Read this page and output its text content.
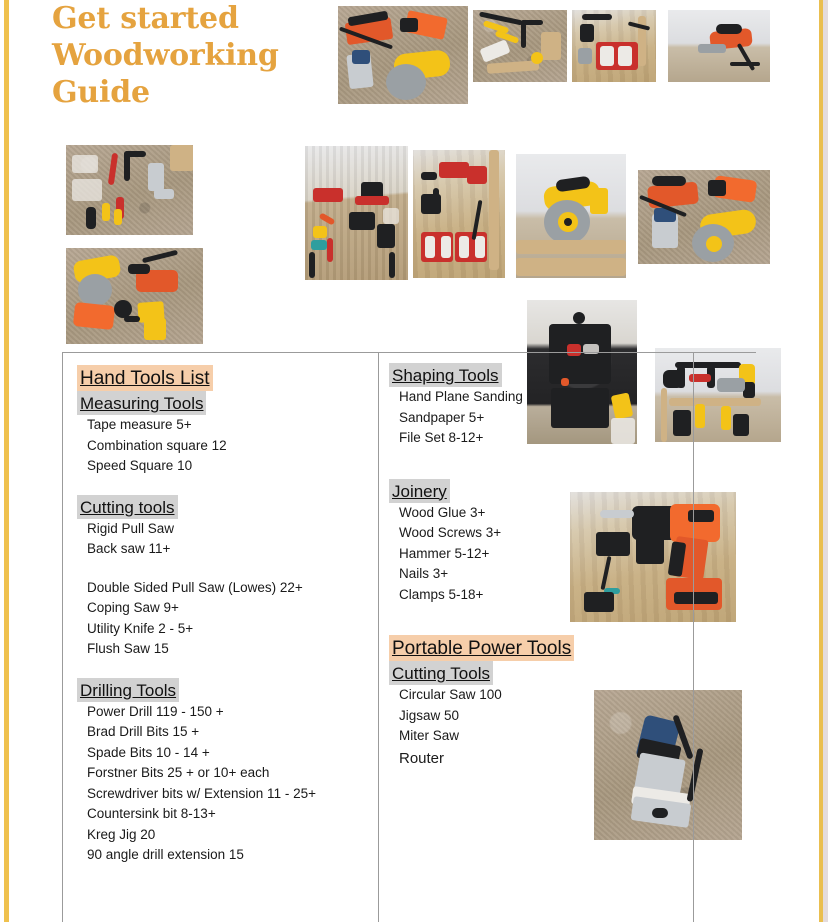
Get started
Woodworking
Guide
Hand Tools List
Measuring Tools
Tape measure 5+
Combination square 12
Speed Square 10
Cutting tools
Rigid Pull Saw
Back saw 11+
Double Sided Pull Saw (Lowes) 22+
Coping Saw 9+
Utility Knife 2 - 5+
Flush Saw 15
Drilling Tools
Power Drill 119 - 150 +
Brad Drill Bits 15 +
Spade Bits 10 - 14 +
Forstner Bits 25 + or 10+ each
Screwdriver bits w/ Extension 11 - 25+
Countersink bit 8-13+
Kreg Jig 20
90 angle drill extension 15
Shaping Tools
Hand Plane Sanding
Sandpaper 5+
File Set 8-12+
Joinery
Wood Glue 3+
Wood Screws 3+
Hammer 5-12+
Nails 3+
Clamps 5-18+
Portable Power Tools
Cutting Tools
Circular Saw 100
Jigsaw 50
Miter Saw
Router
